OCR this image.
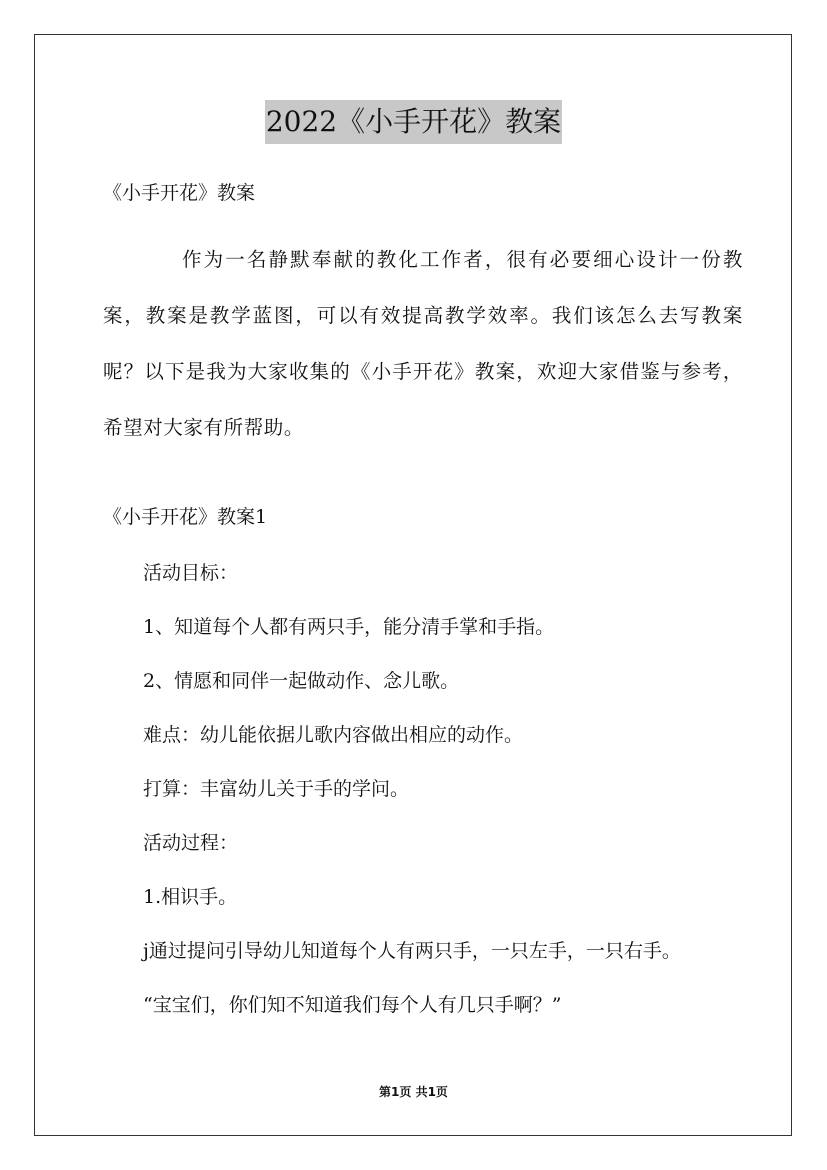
2022《小手开花》教案
《小手开花》教案
作为一名静默奉献的教化工作者，很有必要细心设计一份教案，教案是教学蓝图，可以有效提高教学效率。我们该怎么去写教案呢？以下是我为大家收集的《小手开花》教案，欢迎大家借鉴与参考，希望对大家有所帮助。
《小手开花》教案1
活动目标：
1、知道每个人都有两只手，能分清手掌和手指。
2、情愿和同伴一起做动作、念儿歌。
难点：幼儿能依据儿歌内容做出相应的动作。
打算：丰富幼儿关于手的学问。
活动过程：
1.相识手。
j通过提问引导幼儿知道每个人有两只手，一只左手，一只右手。
“宝宝们，你们知不知道我们每个人有几只手啊？”
第1页 共1页
